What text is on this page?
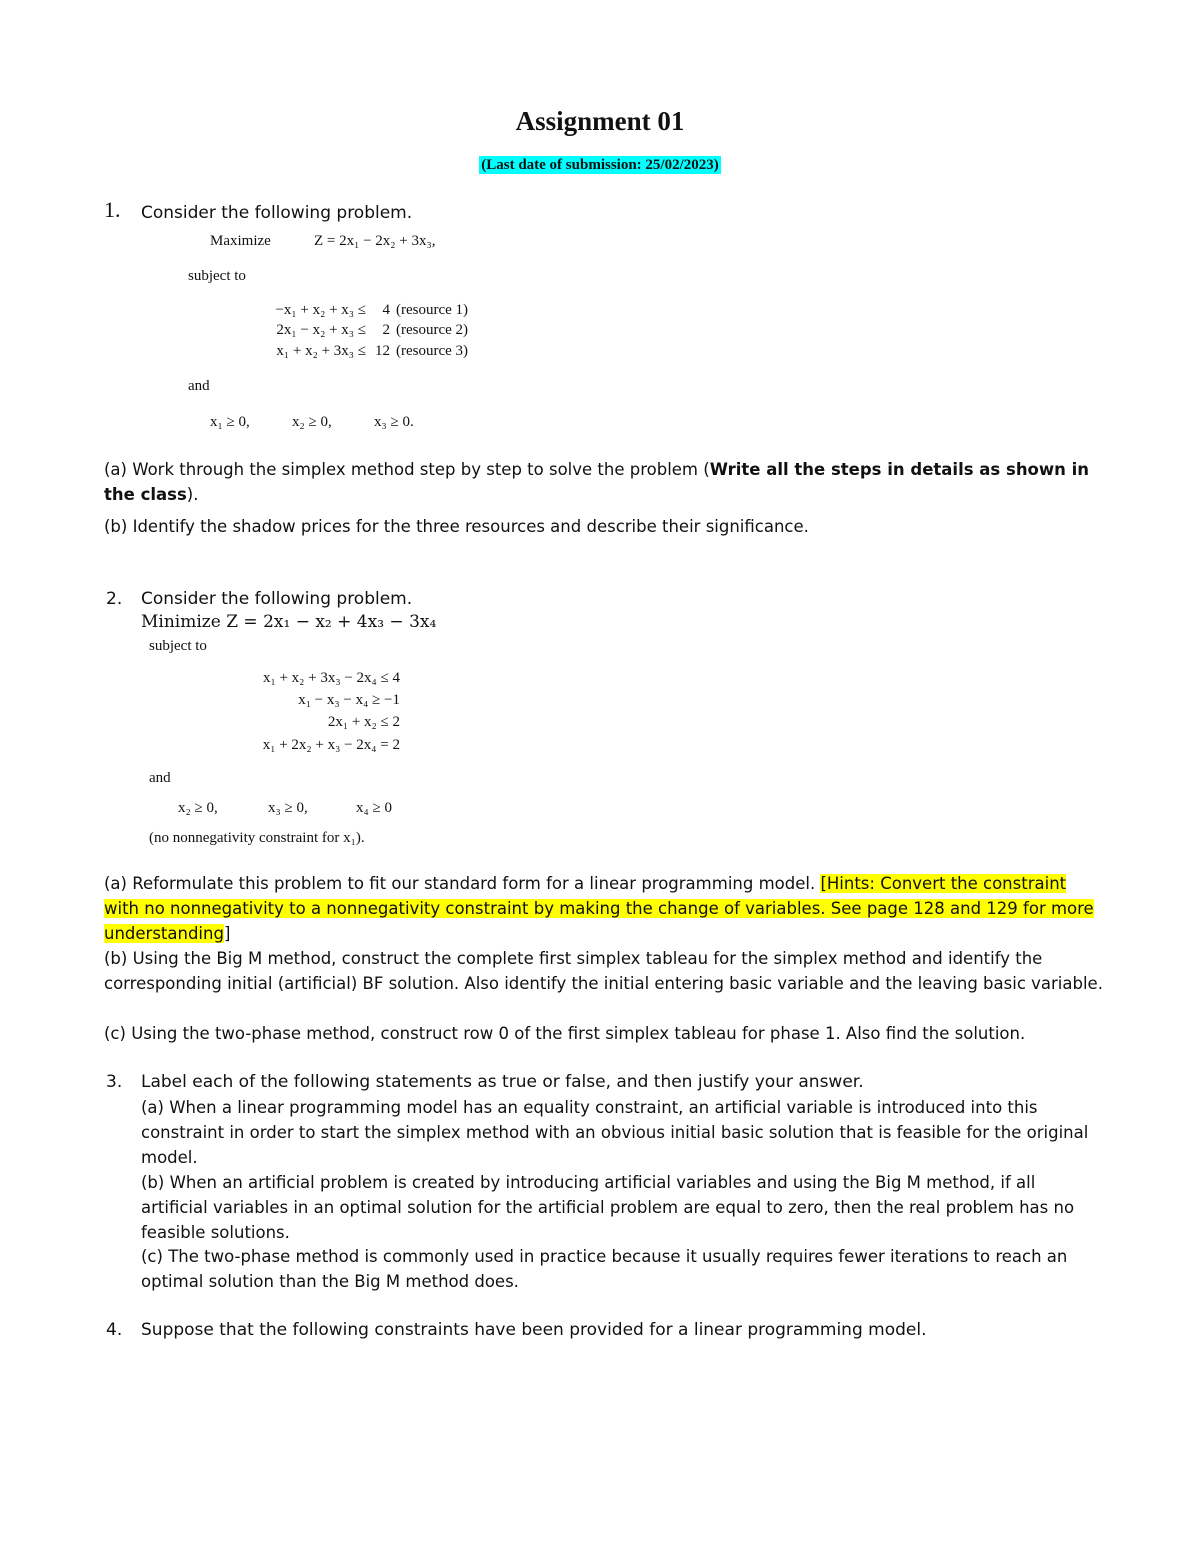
Assignment 01
(Last date of submission: 25/02/2023)
1. Consider the following problem.
Maximize	Z = 2x₁ − 2x₂ + 3x₃,
subject to
−x₁ + x₂ + x₃ ≤	4 (resource 1)
2x₁ − x₂ + x₃ ≤	2 (resource 2)
x₁ + x₂ + 3x₃ ≤ 12 (resource 3)
and
x₁ ≥ 0,	x₂ ≥ 0,	x₃ ≥ 0.
(a) Work through the simplex method step by step to solve the problem (Write all the steps in details as shown in the class).
(b) Identify the shadow prices for the three resources and describe their significance.
2. Consider the following problem.
Minimize Z = 2x₁ − x₂ + 4x₃ − 3x₄
subject to
x₁ + x₂ + 3x₃ − 2x₄ ≤ 4
x₁ − x₃ − x₄ ≥ −1
2x₁ + x₂ ≤ 2
x₁ + 2x₂ + x₃ − 2x₄ = 2
and
x₂ ≥ 0,	x₃ ≥ 0,	x₄ ≥ 0
(no nonnegativity constraint for x₁).
(a) Reformulate this problem to fit our standard form for a linear programming model. [Hints: Convert the constraint with no nonnegativity to a nonnegativity constraint by making the change of variables. See page 128 and 129 for more understanding]
(b) Using the Big M method, construct the complete first simplex tableau for the simplex method and identify the corresponding initial (artificial) BF solution. Also identify the initial entering basic variable and the leaving basic variable.
(c) Using the two-phase method, construct row 0 of the first simplex tableau for phase 1. Also find the solution.
3. Label each of the following statements as true or false, and then justify your answer.
(a) When a linear programming model has an equality constraint, an artificial variable is introduced into this constraint in order to start the simplex method with an obvious initial basic solution that is feasible for the original model.
(b) When an artificial problem is created by introducing artificial variables and using the Big M method, if all artificial variables in an optimal solution for the artificial problem are equal to zero, then the real problem has no feasible solutions.
(c) The two-phase method is commonly used in practice because it usually requires fewer iterations to reach an optimal solution than the Big M method does.
4. Suppose that the following constraints have been provided for a linear programming model.
